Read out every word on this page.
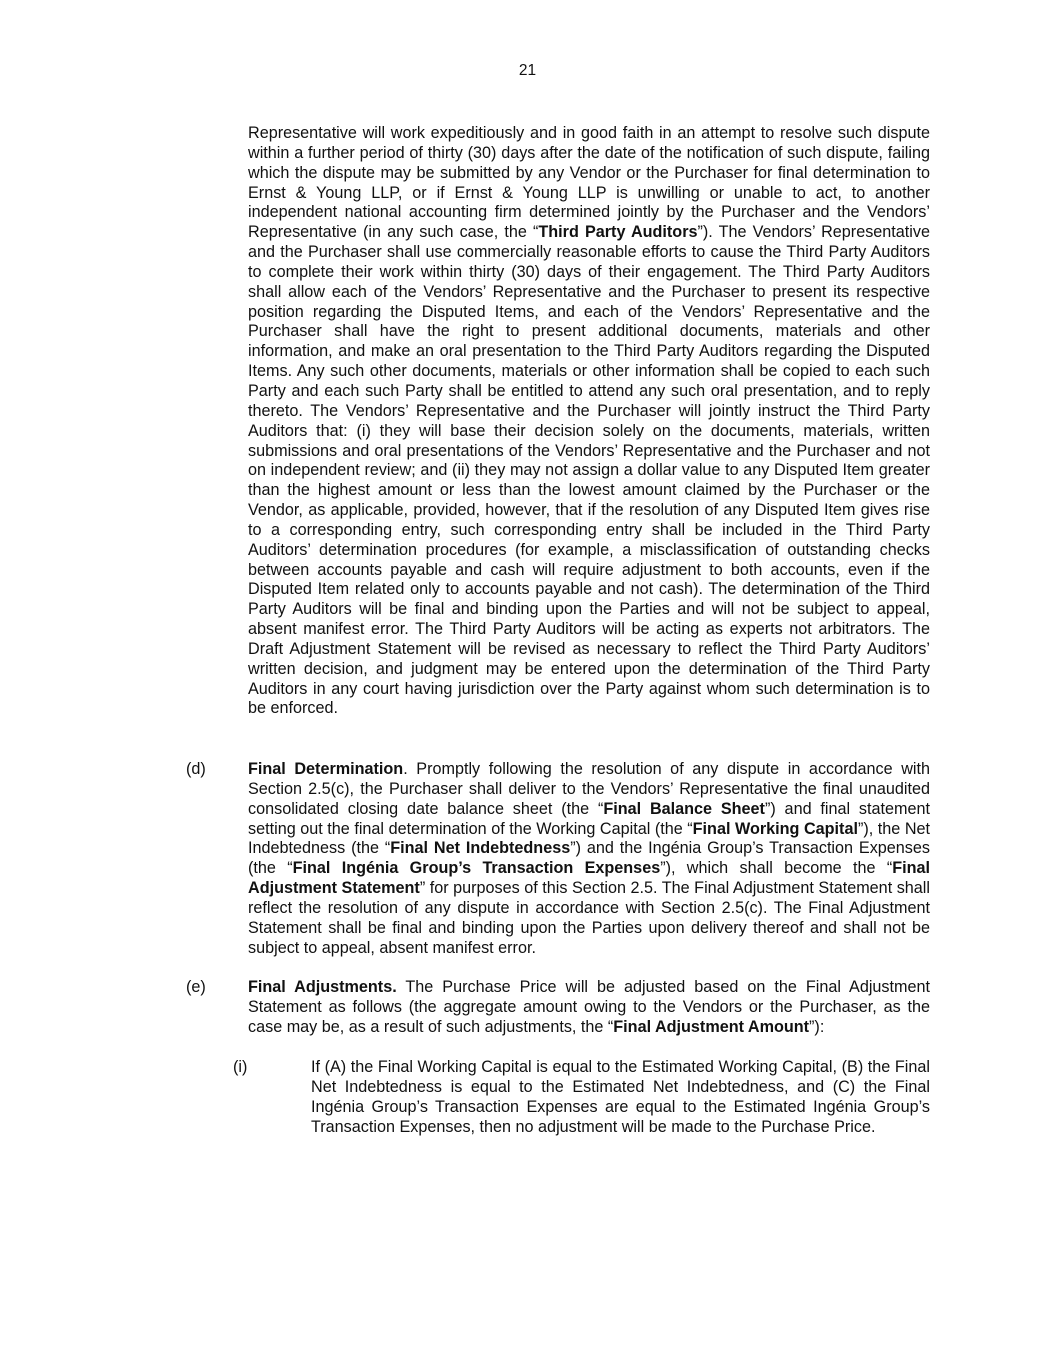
21

Representative will work expeditiously and in good faith in an attempt to resolve such dispute within a further period of thirty (30) days after the date of the notification of such dispute, failing which the dispute may be submitted by any Vendor or the Purchaser for final determination to Ernst & Young LLP, or if Ernst & Young LLP is unwilling or unable to act, to another independent national accounting firm determined jointly by the Purchaser and the Vendors’ Representative (in any such case, the “Third Party Auditors”). The Vendors’ Representative and the Purchaser shall use commercially reasonable efforts to cause the Third Party Auditors to complete their work within thirty (30) days of their engagement. The Third Party Auditors shall allow each of the Vendors’ Representative and the Purchaser to present its respective position regarding the Disputed Items, and each of the Vendors’ Representative and the Purchaser shall have the right to present additional documents, materials and other information, and make an oral presentation to the Third Party Auditors regarding the Disputed Items. Any such other documents, materials or other information shall be copied to each such Party and each such Party shall be entitled to attend any such oral presentation, and to reply thereto. The Vendors’ Representative and the Purchaser will jointly instruct the Third Party Auditors that: (i) they will base their decision solely on the documents, materials, written submissions and oral presentations of the Vendors’ Representative and the Purchaser and not on independent review; and (ii) they may not assign a dollar value to any Disputed Item greater than the highest amount or less than the lowest amount claimed by the Purchaser or the Vendor, as applicable, provided, however, that if the resolution of any Disputed Item gives rise to a corresponding entry, such corresponding entry shall be included in the Third Party Auditors’ determination procedures (for example, a misclassification of outstanding checks between accounts payable and cash will require adjustment to both accounts, even if the Disputed Item related only to accounts payable and not cash). The determination of the Third Party Auditors will be final and binding upon the Parties and will not be subject to appeal, absent manifest error. The Third Party Auditors will be acting as experts not arbitrators. The Draft Adjustment Statement will be revised as necessary to reflect the Third Party Auditors’ written decision, and judgment may be entered upon the determination of the Third Party Auditors in any court having jurisdiction over the Party against whom such determination is to be enforced.

(d)	Final Determination. Promptly following the resolution of any dispute in accordance with Section 2.5(c), the Purchaser shall deliver to the Vendors’ Representative the final unaudited consolidated closing date balance sheet (the “Final Balance Sheet”) and final statement setting out the final determination of the Working Capital (the “Final Working Capital”), the Net Indebtedness (the “Final Net Indebtedness”) and the Ingénia Group’s Transaction Expenses (the “Final Ingénia Group’s Transaction Expenses”), which shall become the “Final Adjustment Statement” for purposes of this Section 2.5. The Final Adjustment Statement shall reflect the resolution of any dispute in accordance with Section 2.5(c). The Final Adjustment Statement shall be final and binding upon the Parties upon delivery thereof and shall not be subject to appeal, absent manifest error.

(e)	Final Adjustments. The Purchase Price will be adjusted based on the Final Adjustment Statement as follows (the aggregate amount owing to the Vendors or the Purchaser, as the case may be, as a result of such adjustments, the “Final Adjustment Amount”):

(i)	If (A) the Final Working Capital is equal to the Estimated Working Capital, (B) the Final Net Indebtedness is equal to the Estimated Net Indebtedness, and (C) the Final Ingénia Group’s Transaction Expenses are equal to the Estimated Ingénia Group’s Transaction Expenses, then no adjustment will be made to the Purchase Price.
